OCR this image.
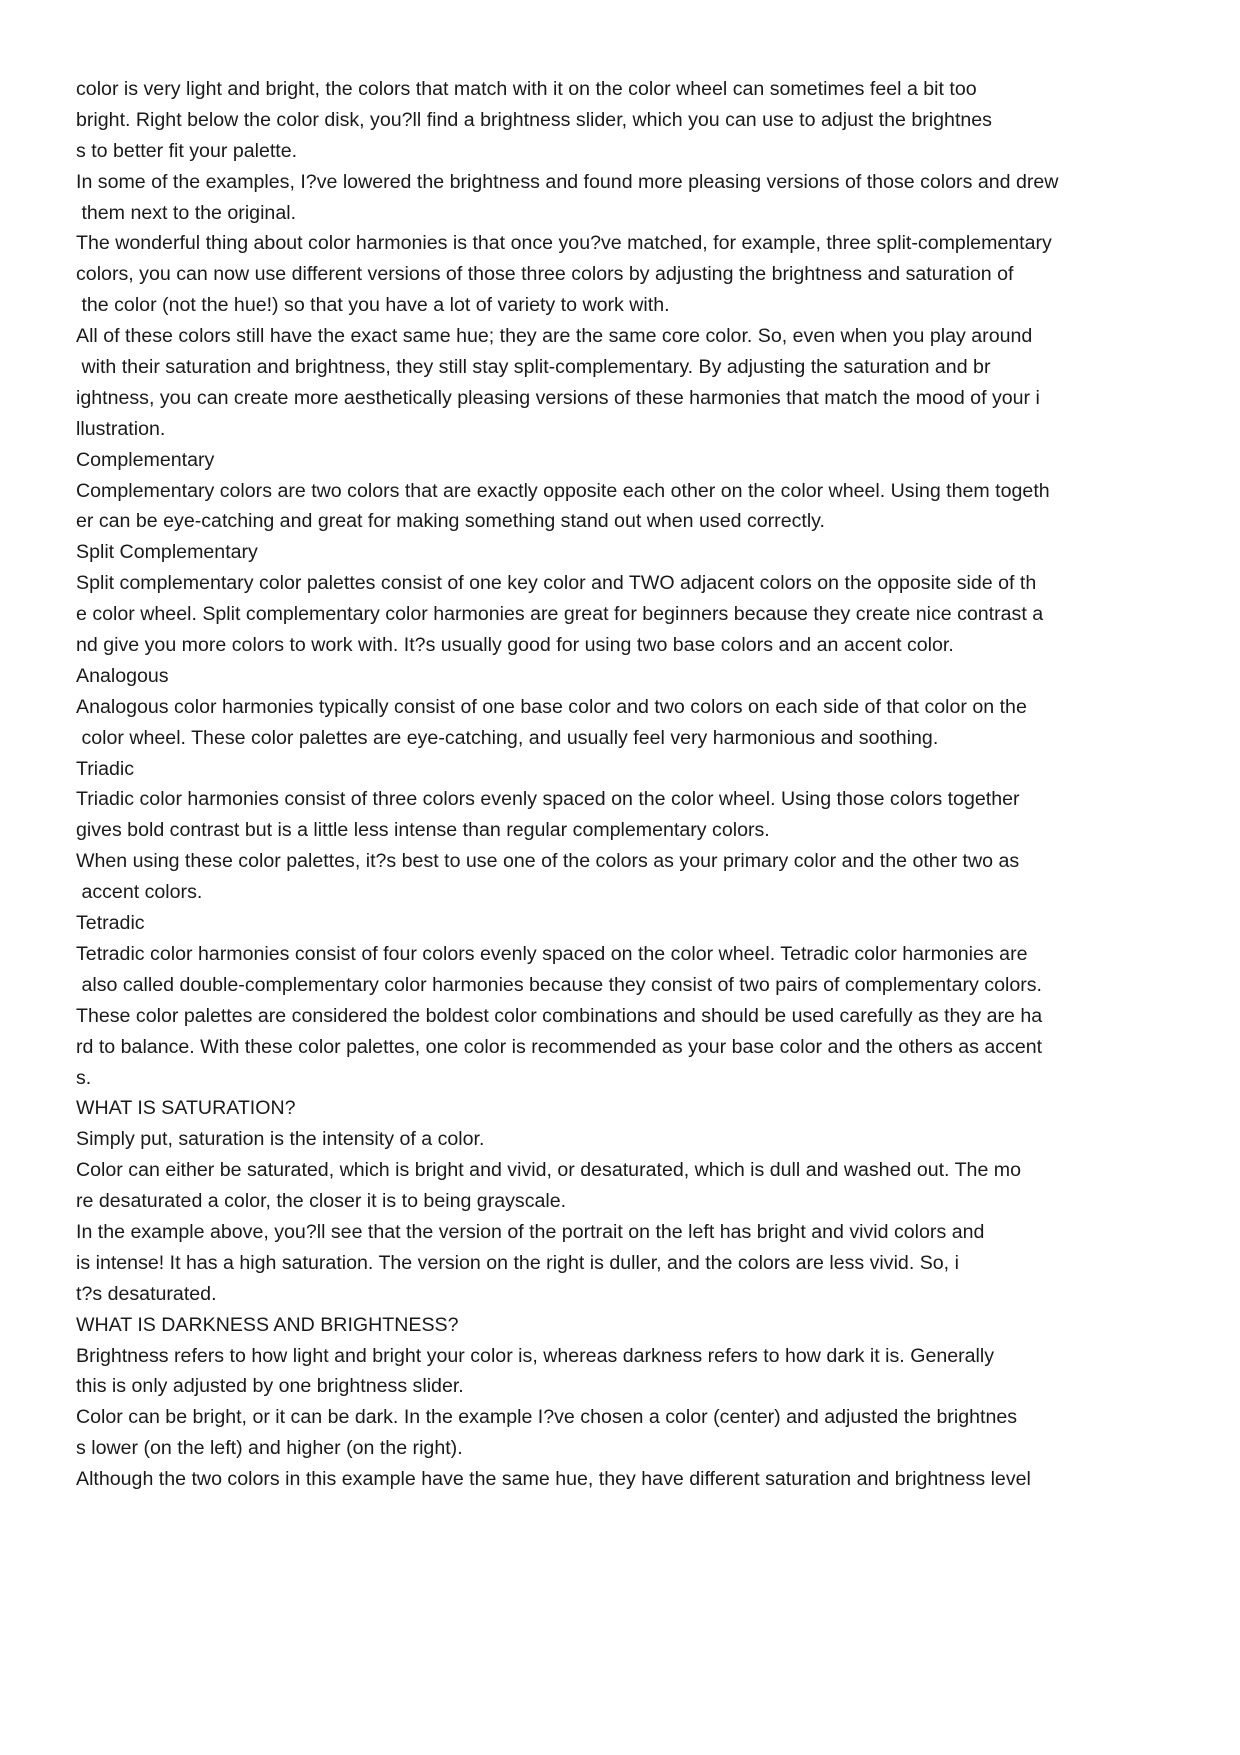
color is very light and bright, the colors that match with it on the color wheel can sometimes feel a bit too
bright. Right below the color disk, you?ll find a brightness slider, which you can use to adjust the brightnes
s to better fit your palette.
In some of the examples, I?ve lowered the brightness and found more pleasing versions of those colors and drew
them next to the original.
The wonderful thing about color harmonies is that once you?ve matched, for example, three split-complementary
colors, you can now use different versions of those three colors by adjusting the brightness and saturation of
the color (not the hue!) so that you have a lot of variety to work with.
All of these colors still have the exact same hue; they are the same core color. So, even when you play around
with their saturation and brightness, they still stay split-complementary. By adjusting the saturation and br
ightness, you can create more aesthetically pleasing versions of these harmonies that match the mood of your i
llustration.
Complementary
Complementary colors are two colors that are exactly opposite each other on the color wheel. Using them togeth
er can be eye-catching and great for making something stand out when used correctly.
Split Complementary
Split complementary color palettes consist of one key color and TWO adjacent colors on the opposite side of th
e color wheel. Split complementary color harmonies are great for beginners because they create nice contrast a
nd give you more colors to work with. It?s usually good for using two base colors and an accent color.
Analogous
Analogous color harmonies typically consist of one base color and two colors on each side of that color on the
color wheel. These color palettes are eye-catching, and usually feel very harmonious and soothing.
Triadic
Triadic color harmonies consist of three colors evenly spaced on the color wheel. Using those colors together
gives bold contrast but is a little less intense than regular complementary colors.
When using these color palettes, it?s best to use one of the colors as your primary color and the other two as
accent colors.
Tetradic
Tetradic color harmonies consist of four colors evenly spaced on the color wheel. Tetradic color harmonies are
also called double-complementary color harmonies because they consist of two pairs of complementary colors.
These color palettes are considered the boldest color combinations and should be used carefully as they are ha
rd to balance. With these color palettes, one color is recommended as your base color and the others as accent
s.
WHAT IS SATURATION?
Simply put, saturation is the intensity of a color.
Color can either be saturated, which is bright and vivid, or desaturated, which is dull and washed out. The mo
re desaturated a color, the closer it is to being grayscale.
In the example above, you?ll see that the version of the portrait on the left has bright and vivid colors and
is intense! It has a high saturation. The version on the right is duller, and the colors are less vivid. So, i
t?s desaturated.
WHAT IS DARKNESS AND BRIGHTNESS?
Brightness refers to how light and bright your color is, whereas darkness refers to how dark it is. Generally
this is only adjusted by one brightness slider.
Color can be bright, or it can be dark. In the example I?ve chosen a color (center) and adjusted the brightnes
s lower (on the left) and higher (on the right).
Although the two colors in this example have the same hue, they have different saturation and brightness level
